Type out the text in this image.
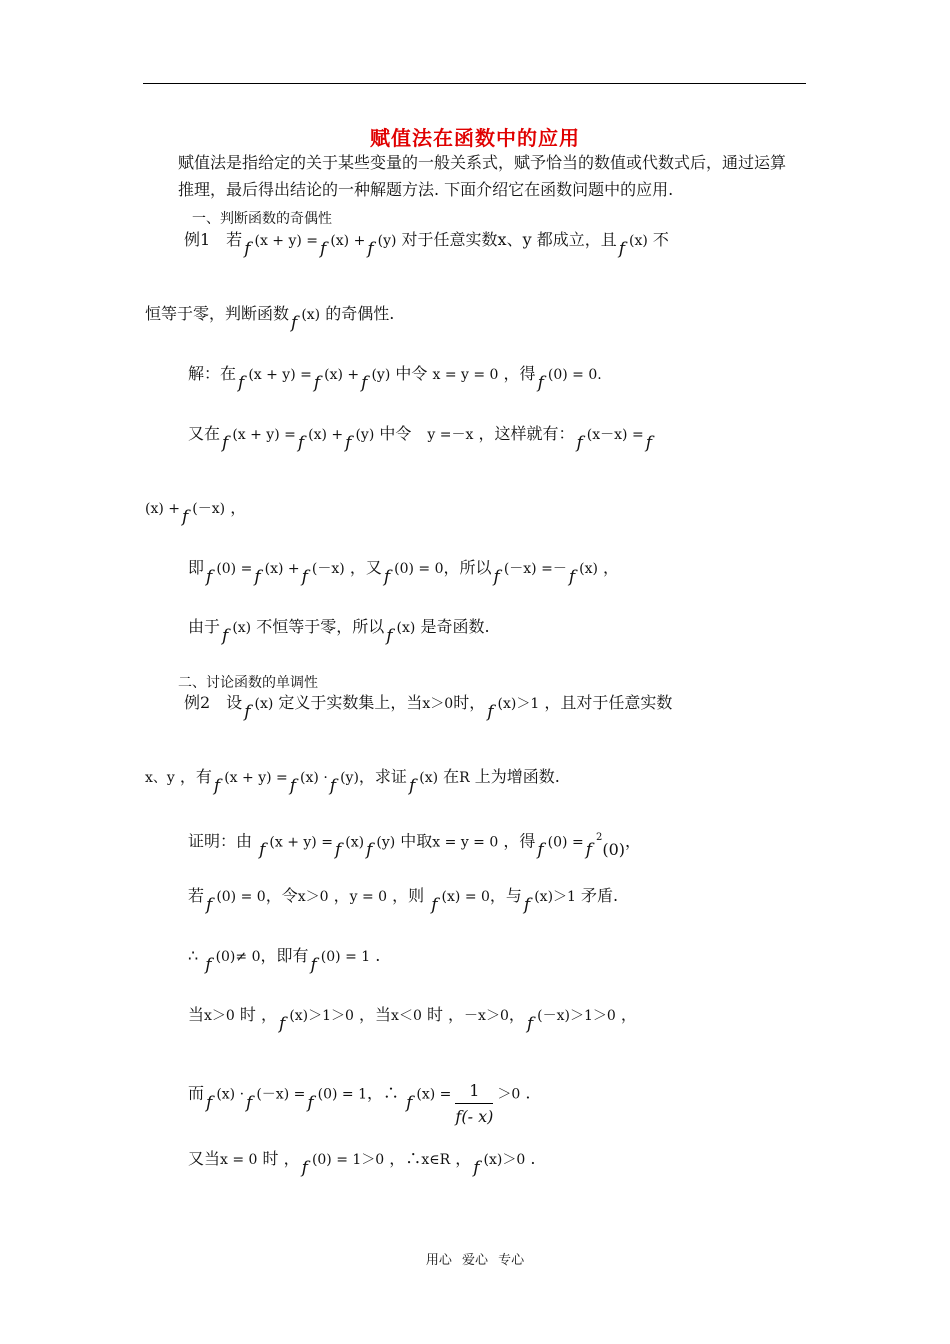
赋值法在函数中的应用
赋值法是指给定的关于某些变量的一般关系式，赋予恰当的数值或代数式后，通过运算
推理，最后得出结论的一种解题方法. 下面介绍它在函数问题中的应用.
一、判断函数的奇偶性
例1　若 f (x + y) = f (x) + f (y) 对于任意实数x、y 都成立，且 f (x) 不
恒等于零，判断函数 f (x) 的奇偶性.
解：在 f (x + y) = f (x) + f (y) 中令 x = y = 0 ，得 f (0) = 0.
又在 f (x + y) = f (x) + f (y) 中令　y =－x ，这样就有： f (x－x) = f
(x) + f (－x) ，
即 f (0) = f (x) + f (－x) ，又 f (0) = 0，所以 f (－x) =－ f (x) ，
由于 f (x) 不恒等于零，所以 f (x) 是奇函数.
二、讨论函数的单调性
例2　设 f (x) 定义于实数集上，当x＞0时， f (x)＞1 ，且对于任意实数
x、y ，有 f (x + y) = f (x) · f (y)，求证 f (x) 在R 上为增函数.
证明：由 f (x + y) = f (x) f (y) 中取x = y = 0 ，得 f $(0) = f^2(0)$，
若 f (0) = 0，令x＞0 ，y = 0 ，则 f (x) = 0，与 f (x)＞1 矛盾.
∴ f (0)≠ 0，即有 f (0) = 1 .
当x＞0 时 ， f (x)＞1＞0 ，当x＜0 时 ，－x＞0， f (－x)＞1＞0 ，
而 f (x) · f (－x) = f (0) = 1，∴ f $(x) = \frac{1}{f(- x)} >0$ .
又当x = 0 时 ， f (0) = 1＞0 ，∴x∈R ， f (x)＞0 .
用心 爱心 专心
